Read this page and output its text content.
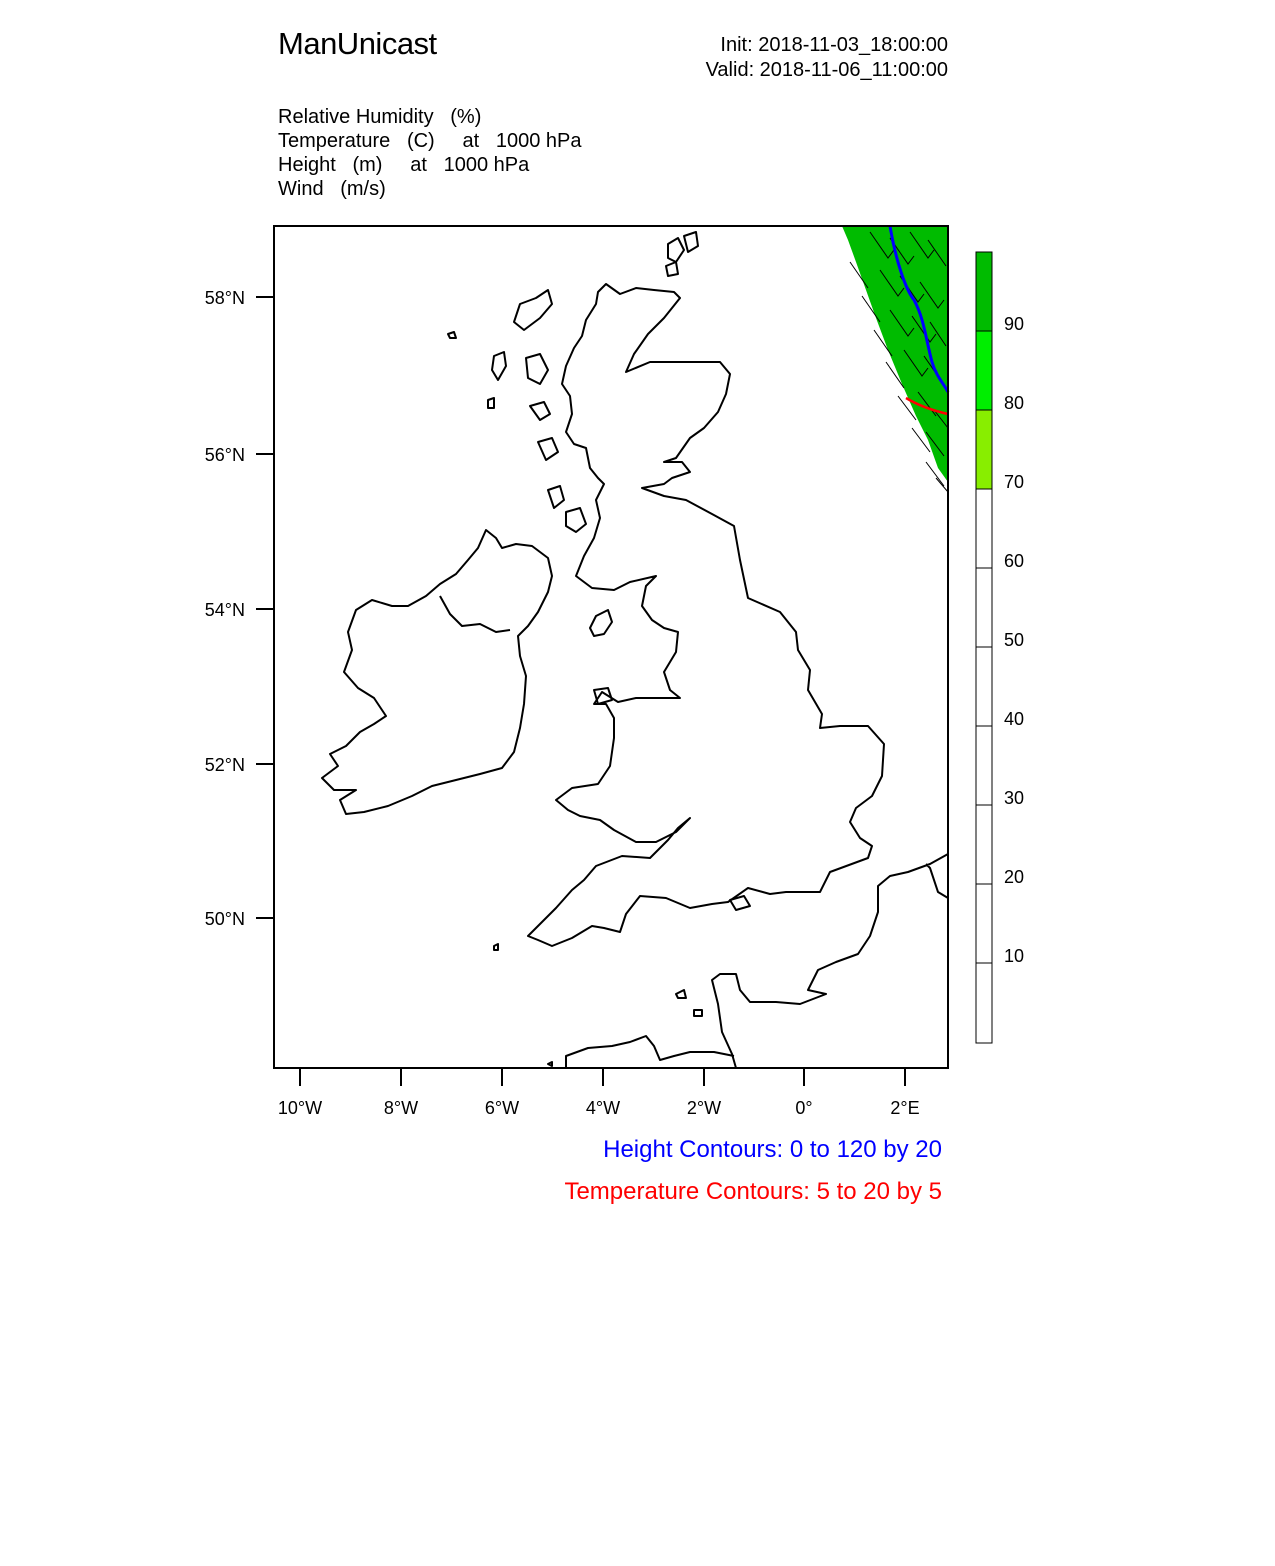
ManUnicast	Init: 2018-11-03_18:00:00
Valid: 2018-11-06_11:00:00
Relative Humidity   (%)
Temperature   (C)     at   1000 hPa
Height   (m)     at   1000 hPa
Wind   (m/s)
58°N
56°N
54°N
52°N
50°N
10°W	8°W	6°W	4°W	2°W	0°	2°E
90
80
70
60
50
40
30
20
10
Height Contours: 0 to 120 by 20
Temperature Contours: 5 to 20 by 5
